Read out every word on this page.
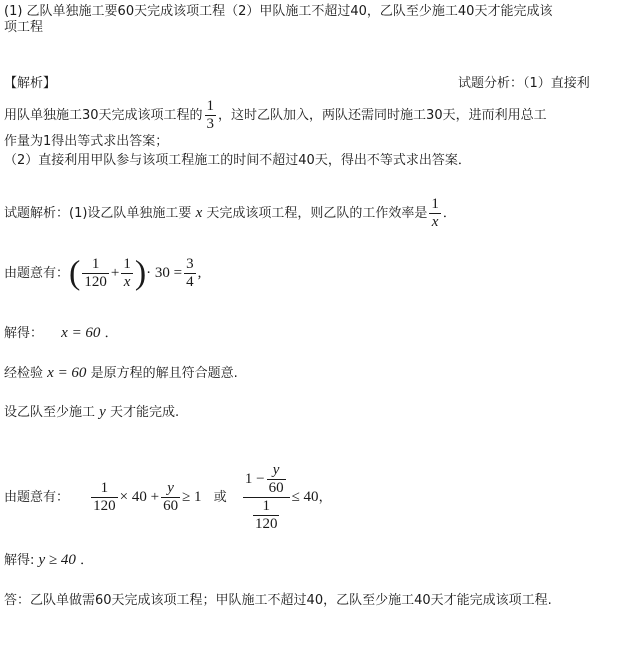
(1) 乙队单独施工要60天完成该项工程（2）甲队施工不超过40，乙队至少施工40天才能完成该
项工程
【解析】	试题分析：（1）直接利
用队单独施工30天完成该项工程的 $\frac{1}{3}$ ，这时乙队加入，两队还需同时施工30天，进而利用总工
作量为1得出等式求出答案；
（2）直接利用甲队参与该项工程施工的时间不超过40天，得出不等式求出答案．
试题解析：(1)设乙队单独施工要 x 天完成该项工程，则乙队的工作效率是 $\frac{1}{x}$ ．
由题意有：( $\frac{1}{120} + \frac{1}{x}$ )· $30 = \frac{3}{4}$ ,
解得： x = 60 ．
经检验 x = 60 是原方程的解且符合题意.
设乙队至少施工 y 天才能完成.
由题意有： $\frac{1}{120} \times 40 + \frac{y}{60} \ge 1$ 或 $\frac{1 - \frac{y}{60}}{\frac{1}{120}} \le 40$，
解得: y ≥ 40 ．
答：乙队单做需60天完成该项工程；甲队施工不超过40，乙队至少施工40天才能完成该项工程.
